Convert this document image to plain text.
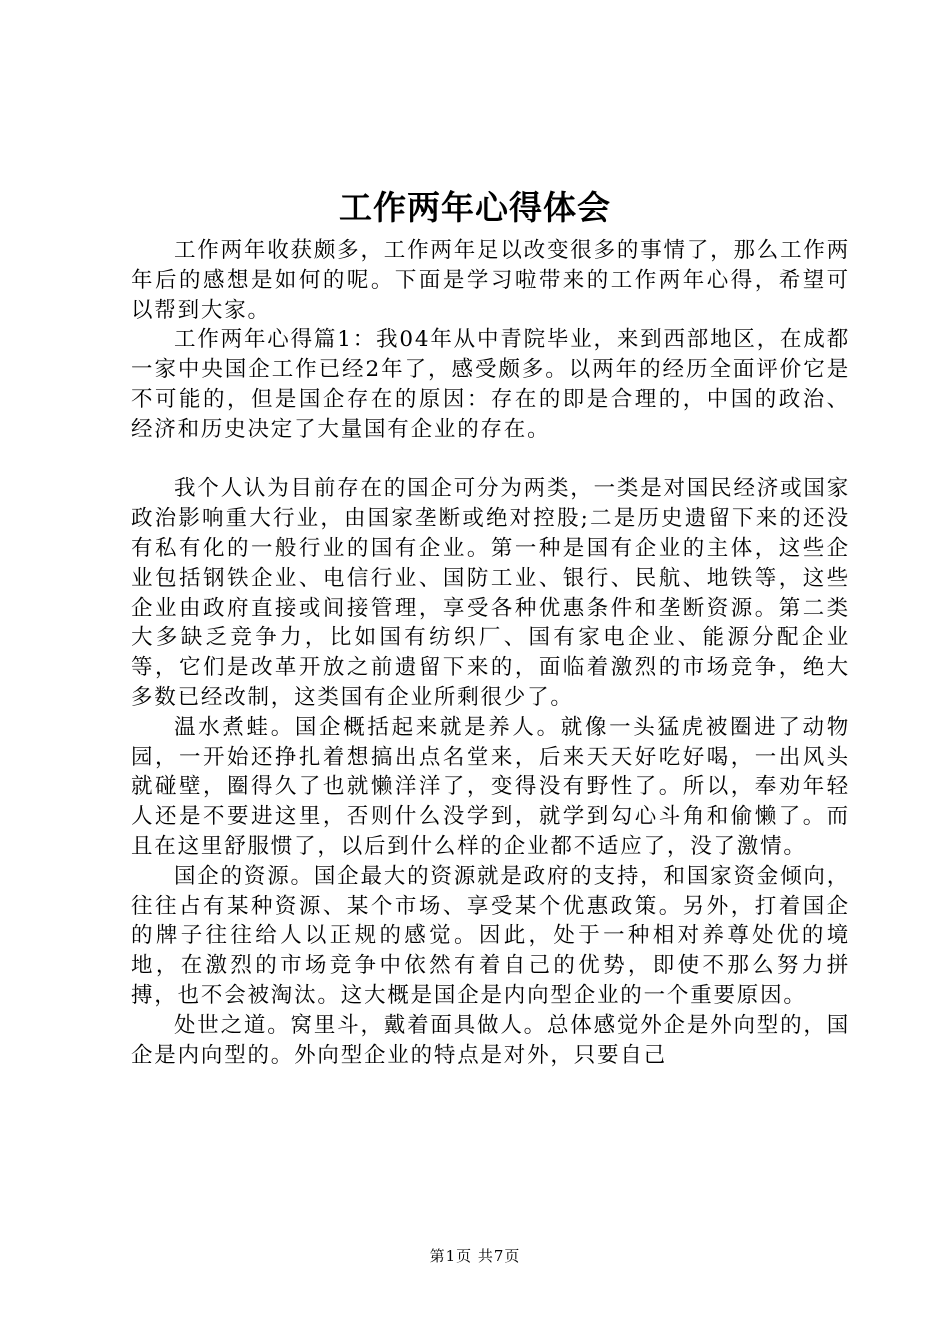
工作两年心得体会

工作两年收获颇多，工作两年足以改变很多的事情了，那么工作两年后的感想是如何的呢。下面是学习啦带来的工作两年心得，希望可以帮到大家。

工作两年心得篇1：我04年从中青院毕业，来到西部地区，在成都一家中央国企工作已经2年了，感受颇多。以两年的经历全面评价它是不可能的，但是国企存在的原因：存在的即是合理的，中国的政治、经济和历史决定了大量国有企业的存在。

我个人认为目前存在的国企可分为两类，一类是对国民经济或国家政治影响重大行业，由国家垄断或绝对控股;二是历史遗留下来的还没有私有化的一般行业的国有企业。第一种是国有企业的主体，这些企业包括钢铁企业、电信行业、国防工业、银行、民航、地铁等，这些企业由政府直接或间接管理，享受各种优惠条件和垄断资源。第二类大多缺乏竞争力，比如国有纺织厂、国有家电企业、能源分配企业等，它们是改革开放之前遗留下来的，面临着激烈的市场竞争，绝大多数已经改制，这类国有企业所剩很少了。

温水煮蛙。国企概括起来就是养人。就像一头猛虎被圈进了动物园，一开始还挣扎着想搞出点名堂来，后来天天好吃好喝，一出风头就碰壁，圈得久了也就懒洋洋了，变得没有野性了。所以，奉劝年轻人还是不要进这里，否则什么没学到，就学到勾心斗角和偷懒了。而且在这里舒服惯了，以后到什么样的企业都不适应了，没了激情。

国企的资源。国企最大的资源就是政府的支持，和国家资金倾向，往往占有某种资源、某个市场、享受某个优惠政策。另外，打着国企的牌子往往给人以正规的感觉。因此，处于一种相对养尊处优的境地，在激烈的市场竞争中依然有着自己的优势，即使不那么努力拼搏，也不会被淘汰。这大概是国企是内向型企业的一个重要原因。

处世之道。窝里斗，戴着面具做人。总体感觉外企是外向型的，国企是内向型的。外向型企业的特点是对外，只要自己

第1页 共7页
